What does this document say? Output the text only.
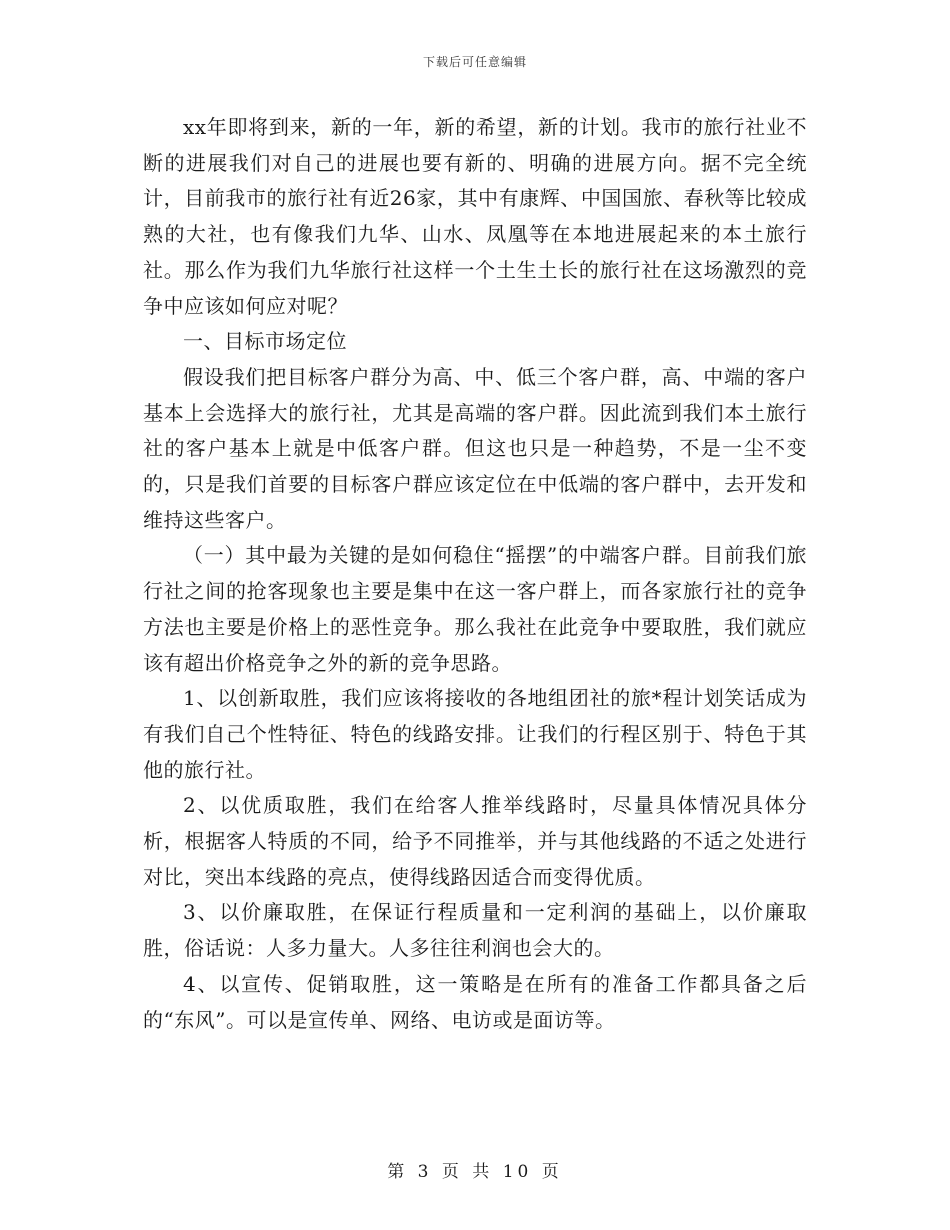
下载后可任意编辑

xx年即将到来，新的一年，新的希望，新的计划。我市的旅行社业不断的进展我们对自己的进展也要有新的、明确的进展方向。据不完全统计，目前我市的旅行社有近26家，其中有康辉、中国国旅、春秋等比较成熟的大社，也有像我们九华、山水、凤凰等在本地进展起来的本土旅行社。那么作为我们九华旅行社这样一个土生土长的旅行社在这场激烈的竞争中应该如何应对呢？

一、目标市场定位

假设我们把目标客户群分为高、中、低三个客户群，高、中端的客户基本上会选择大的旅行社，尤其是高端的客户群。因此流到我们本土旅行社的客户基本上就是中低客户群。但这也只是一种趋势，不是一尘不变的，只是我们首要的目标客户群应该定位在中低端的客户群中，去开发和维持这些客户。

（一）其中最为关键的是如何稳住“摇摆”的中端客户群。目前我们旅行社之间的抢客现象也主要是集中在这一客户群上，而各家旅行社的竞争方法也主要是价格上的恶性竞争。那么我社在此竞争中要取胜，我们就应该有超出价格竞争之外的新的竞争思路。

1、以创新取胜，我们应该将接收的各地组团社的旅*程计划笑话成为有我们自己个性特征、特色的线路安排。让我们的行程区别于、特色于其他的旅行社。

2、以优质取胜，我们在给客人推举线路时，尽量具体情况具体分析，根据客人特质的不同，给予不同推举，并与其他线路的不适之处进行对比，突出本线路的亮点，使得线路因适合而变得优质。

3、以价廉取胜，在保证行程质量和一定利润的基础上，以价廉取胜，俗话说：人多力量大。人多往往利润也会大的。

4、以宣传、促销取胜，这一策略是在所有的准备工作都具备之后的“东风”。可以是宣传单、网络、电访或是面访等。

第 3 页 共 10 页
